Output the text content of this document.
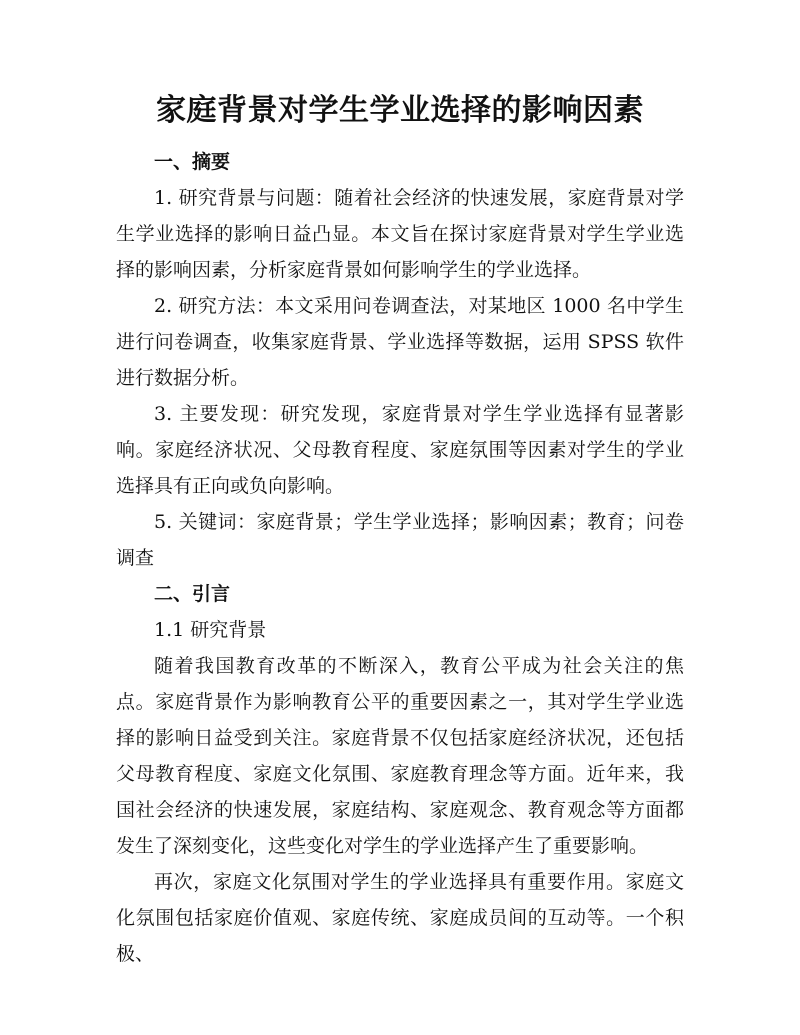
家庭背景对学生学业选择的影响因素
一、摘要

1. 研究背景与问题：随着社会经济的快速发展，家庭背景对学生学业选择的影响日益凸显。本文旨在探讨家庭背景对学生学业选择的影响因素，分析家庭背景如何影响学生的学业选择。

2. 研究方法：本文采用问卷调查法，对某地区 1000 名中学生进行问卷调查，收集家庭背景、学业选择等数据，运用 SPSS 软件进行数据分析。

3. 主要发现：研究发现，家庭背景对学生学业选择有显著影响。家庭经济状况、父母教育程度、家庭氛围等因素对学生的学业选择具有正向或负向影响。

5. 关键词：家庭背景；学生学业选择；影响因素；教育；问卷调查

二、引言

1.1 研究背景

随着我国教育改革的不断深入，教育公平成为社会关注的焦点。家庭背景作为影响教育公平的重要因素之一，其对学生学业选择的影响日益受到关注。家庭背景不仅包括家庭经济状况，还包括父母教育程度、家庭文化氛围、家庭教育理念等方面。近年来，我国社会经济的快速发展，家庭结构、家庭观念、教育观念等方面都发生了深刻变化，这些变化对学生的学业选择产生了重要影响。

再次，家庭文化氛围对学生的学业选择具有重要作用。家庭文化氛围包括家庭价值观、家庭传统、家庭成员间的互动等。一个积极、
